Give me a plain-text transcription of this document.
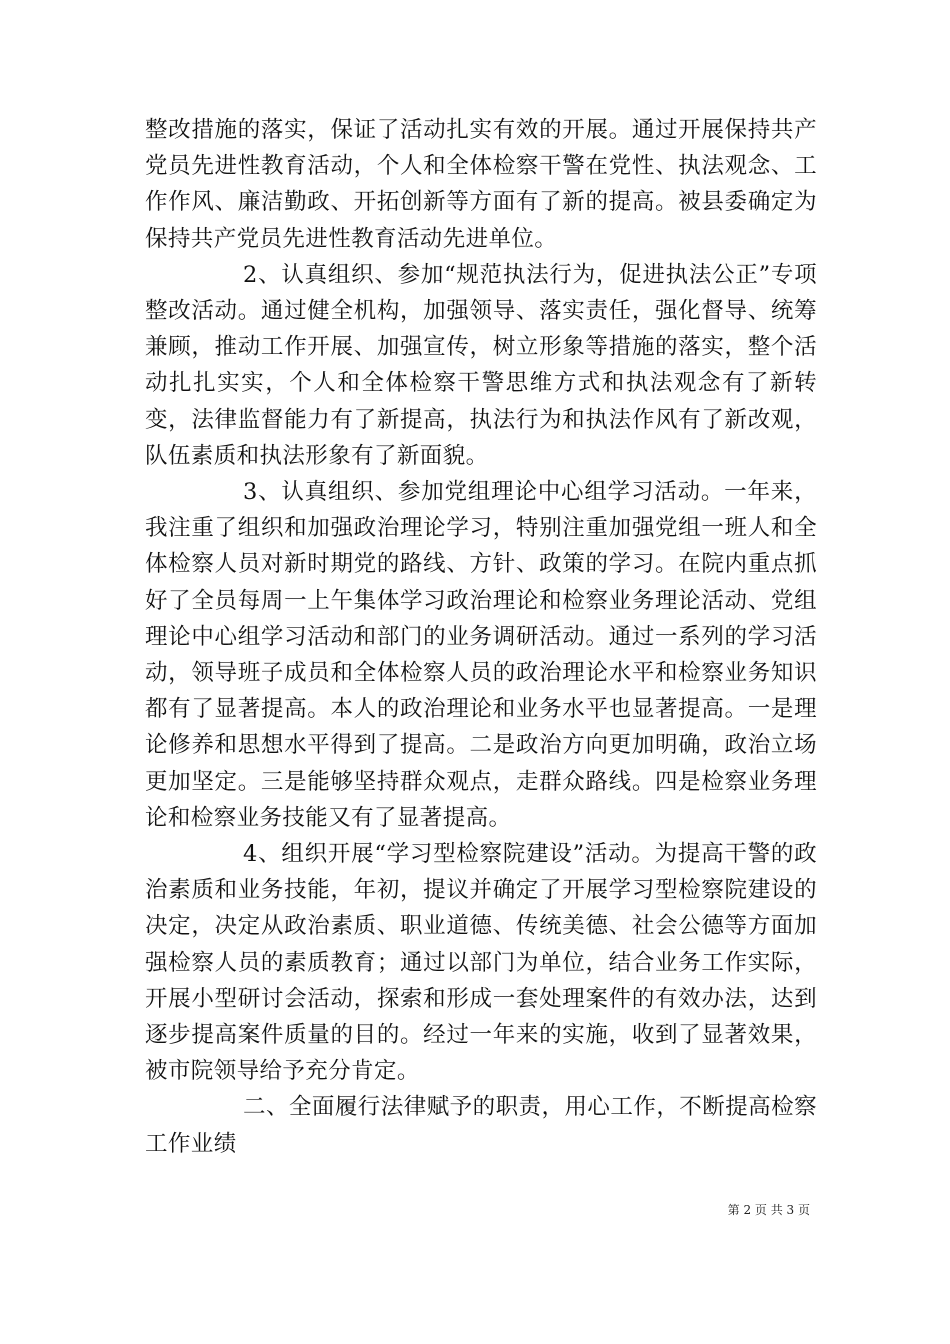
整改措施的落实，保证了活动扎实有效的开展。通过开展保持共产党员先进性教育活动，个人和全体检察干警在党性、执法观念、工作作风、廉洁勤政、开拓创新等方面有了新的提高。被县委确定为保持共产党员先进性教育活动先进单位。

2、认真组织、参加“规范执法行为，促进执法公正”专项整改活动。通过健全机构，加强领导、落实责任，强化督导、统筹兼顾，推动工作开展、加强宣传，树立形象等措施的落实，整个活动扎扎实实，个人和全体检察干警思维方式和执法观念有了新转变，法律监督能力有了新提高，执法行为和执法作风有了新改观，队伍素质和执法形象有了新面貌。

3、认真组织、参加党组理论中心组学习活动。一年来，我注重了组织和加强政治理论学习，特别注重加强党组一班人和全体检察人员对新时期党的路线、方针、政策的学习。在院内重点抓好了全员每周一上午集体学习政治理论和检察业务理论活动、党组理论中心组学习活动和部门的业务调研活动。通过一系列的学习活动，领导班子成员和全体检察人员的政治理论水平和检察业务知识都有了显著提高。本人的政治理论和业务水平也显著提高。一是理论修养和思想水平得到了提高。二是政治方向更加明确，政治立场更加坚定。三是能够坚持群众观点，走群众路线。四是检察业务理论和检察业务技能又有了显著提高。

4、组织开展“学习型检察院建设”活动。为提高干警的政治素质和业务技能，年初，提议并确定了开展学习型检察院建设的决定，决定从政治素质、职业道德、传统美德、社会公德等方面加强检察人员的素质教育；通过以部门为单位，结合业务工作实际，开展小型研讨会活动，探索和形成一套处理案件的有效办法，达到逐步提高案件质量的目的。经过一年来的实施，收到了显著效果，被市院领导给予充分肯定。

二、全面履行法律赋予的职责，用心工作，不断提高检察工作业绩

第 2 页 共 3 页
